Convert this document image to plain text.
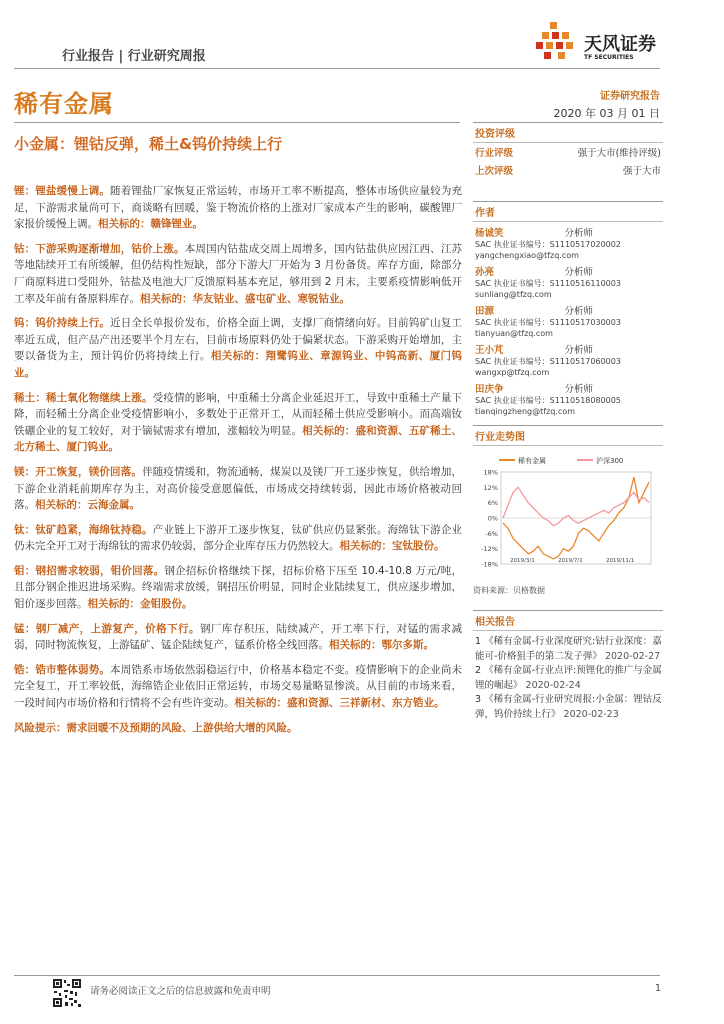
行业报告 | 行业研究周报
天风证券
TF SECURITIES
稀有金属	证券研究报告
2020 年 03 月 01 日
小金属：锂钴反弹，稀土&钨价持续上行

锂：锂盐缓慢上调。随着锂盐厂家恢复正常运转，市场开工率不断提高，整体市场供应量较为充足，下游需求量尚可下，商谈略有回暖，鉴于物流价格的上涨对厂家成本产生的影响，碳酸锂厂家报价缓慢上调。相关标的：赣锋锂业。

钴：下游采购逐渐增加，钴价上涨。本周国内钴盐成交周上周增多，国内钴盐供应因江西、江苏等地陆续开工有所缓解，但仍结构性短缺，部分下游大厂开始为 3 月份备货。库存方面，除部分厂商原料进口受阻外，钴盐及电池大厂反馈原料基本充足，够用到 2 月末，主要系疫情影响低开工率及年前有备原料库存。相关标的：华友钴业、盛屯矿业、寒锐钴业。

钨：钨价持续上行。近日全长单报价发布，价格全面上调，支撑厂商情绪向好。目前钨矿山复工率近五成，但产品产出还要半个月左右，目前市场原料仍处于偏紧状态。下游采购开始增加，主要以备货为主，预计钨价仍将持续上行。相关标的：翔鹭钨业、章源钨业、中钨高新、厦门钨业。

稀土：稀土氧化物继续上涨。受疫情的影响，中重稀土分离企业延迟开工，导致中重稀土产量下降，而轻稀土分离企业受疫情影响小，多数处于正常开工，从而轻稀土供应受影响小。而高端钕铁硼企业的复工较好，对于镝铽需求有增加，涨幅较为明显。相关标的：盛和资源、五矿稀土、北方稀土、厦门钨业。

镁：开工恢复，镁价回落。伴随疫情缓和，物流通畅，煤炭以及镁厂开工逐步恢复，供给增加，下游企业消耗前期库存为主，对高价接受意愿偏低，市场成交持续转弱，因此市场价格被动回落。相关标的：云海金属。

钛：钛矿趋紧，海绵钛持稳。产业链上下游开工逐步恢复，钛矿供应仍显紧张。海绵钛下游企业仍未完全开工对于海绵钛的需求仍较弱，部分企业库存压力仍然较大。相关标的：宝钛股份。

钼：钢招需求较弱，钼价回落。钢企招标价格继续下探，招标价格下压至 10.4-10.8 万元/吨，且部分钢企推迟进场采购。终端需求放缓，钢招压价明显，同时企业陆续复工，供应逐步增加，钼价逐步回落。相关标的：金钼股份。

锰：钢厂减产，上游复产，价格下行。钢厂库存积压，陆续减产，开工率下行，对锰的需求减弱，同时物流恢复，上游锰矿、锰企陆续复产，锰系价格全线回落。相关标的：鄂尔多斯。

锆：锆市整体弱势。本周锆系市场依然弱稳运行中，价格基本稳定不变。疫情影响下的企业尚未完全复工，开工率较低，海绵锆企业依旧正常运转，市场交易量略显惨淡。从目前的市场来看，一段时间内市场价格和行情将不会有些许变动。相关标的：盛和资源、三祥新材、东方锆业。

风险提示：需求回暖不及预期的风险、上游供给大增的风险。

投资评级
行业评级	强于大市(维持评级)
上次评级	强于大市
作者
杨诚笑	分析师
SAC 执业证书编号：S1110517020002
yangchengxiao@tfzq.com
孙亮	分析师
SAC 执业证书编号：S1110516110003
sunliang@tfzq.com
田源	分析师
SAC 执业证书编号：S1110517030003
tianyuan@tfzq.com
王小芃	分析师
SAC 执业证书编号：S1110517060003
wangxp@tfzq.com
田庆争	分析师
SAC 执业证书编号：S1110518080005
tianqingzheng@tfzq.com
行业走势图
稀有金属	沪深300
18%
12%
6%
0%
-6%
-12%
-18% 2019/3/1	2019/7/1	2019/11/1
资料来源：贝格数据
相关报告
1 《稀有金属-行业深度研究:钴行业深度：嘉能可-价格狙手的第二发子弹》 2020-02-27
2 《稀有金属-行业点评:预锂化的推广与金属锂的崛起》 2020-02-24
3 《稀有金属-行业研究周报:小金属：锂钴反弹，钨价持续上行》 2020-02-23
请务必阅读正文之后的信息披露和免责申明	1
